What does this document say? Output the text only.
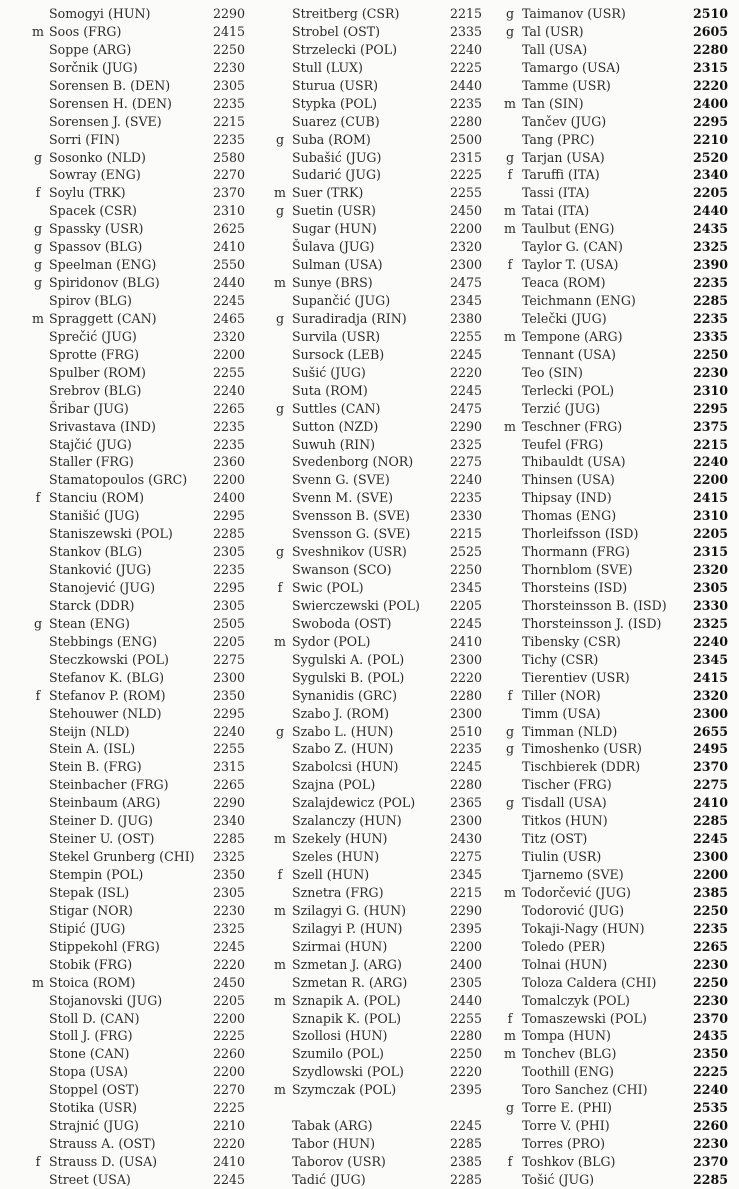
Somogyi (HUN)	2290
m Soos (FRG)	2415
Soppe (ARG)	2250
Sorčnik (JUG)	2230
Sorensen B. (DEN)	2305
Sorensen H. (DEN)	2235
Sorensen J. (SVE)	2215
Sorri (FIN)	2235
g Sosonko (NLD)	2580
Sowray (ENG)	2270
f Soylu (TRK)	2370
Spacek (CSR)	2310
g Spassky (USR)	2625
g Spassov (BLG)	2410
g Speelman (ENG)	2550
g Spiridonov (BLG)	2440
Spirov (BLG)	2245
m Spraggett (CAN)	2465
Sprečić (JUG)	2320
Sprotte (FRG)	2200
Spulber (ROM)	2255
Srebrov (BLG)	2240
Šribar (JUG)	2265
Srivastava (IND)	2235
Stajčić (JUG)	2235
Staller (FRG)	2360
Stamatopoulos (GRC) 2200
f Stanciu (ROM)	2400
Stanišić (JUG)	2295
Staniszewski (POL)	2285
Stankov (BLG)	2305
Stanković (JUG)	2235
Stanojević (JUG)	2295
Starck (DDR)	2305
g Stean (ENG)	2505
Stebbings (ENG)	2205
Steczkowski (POL)	2275
Stefanov K. (BLG)	2300
f Stefanov P. (ROM)	2350
Stehouwer (NLD)	2295
Steijn (NLD)	2240
Stein A. (ISL)	2255
Stein B. (FRG)	2315
Steinbacher (FRG)	2265
Steinbaum (ARG)	2290
Steiner D. (JUG)	2340
Steiner U. (OST)	2285
Stekel Grunberg (CHI) 2325
Stempin (POL)	2350
Stepak (ISL)	2305
Stigar (NOR)	2230
Stipić (JUG)	2325
Stippekohl (FRG)	2245
Stobik (FRG)	2220
m Stoica (ROM)	2450
Stojanovski (JUG)	2205
Stoll D. (CAN)	2200
Stoll J. (FRG)	2225
Stone (CAN)	2260
Stopa (USA)	2200
Stoppel (OST)	2270
Stotika (USR)	2225
Strajnić (JUG)	2210
Strauss A. (OST)	2220
f Strauss D. (USA)	2410
Street (USA)	2245
Streitberg (CSR)	2215
Strobel (OST)	2335
Strzelecki (POL)	2240
Stull (LUX)	2225
Sturua (USR)	2440
Stypka (POL)	2235
Suarez (CUB)	2280
g Suba (ROM)	2500
Subašić (JUG)	2315
Sudarić (JUG)	2225
m Suer (TRK)	2255
g Suetin (USR)	2450
Sugar (HUN)	2200
Šulava (JUG)	2320
Sulman (USA)	2300
m Sunye (BRS)	2475
Supančić (JUG)	2345
g Suradiradja (RIN)	2380
Survila (USR)	2255
Sursock (LEB)	2245
Sušić (JUG)	2220
Suta (ROM)	2245
g Suttles (CAN)	2475
Sutton (NZD)	2290
Suwuh (RIN)	2325
Svedenborg (NOR)	2275
Svenn G. (SVE)	2240
Svenn M. (SVE)	2235
Svensson B. (SVE)	2330
Svensson G. (SVE)	2215
g Sveshnikov (USR)	2525
Swanson (SCO)	2250
f Swic (POL)	2345
Swierczewski (POL) 2205
Swoboda (OST)	2245
m Sydor (POL)	2410
Sygulski A. (POL)	2300
Sygulski B. (POL)	2220
Synanidis (GRC)	2280
Szabo J. (ROM)	2300
g Szabo L. (HUN)	2510
Szabo Z. (HUN)	2235
Szabolcsi (HUN)	2245
Szajna (POL)	2280
Szalajdewicz (POL)	2365
Szalanczy (HUN)	2300
m Szekely (HUN)	2430
Szeles (HUN)	2275
f Szell (HUN)	2345
Sznetra (FRG)	2215
m Szilagyi G. (HUN)	2290
Szilagyi P. (HUN)	2395
Szirmai (HUN)	2200
m Szmetan J. (ARG)	2400
Szmetan R. (ARG)	2305
m Sznapik A. (POL)	2440
Sznapik K. (POL)	2255
Szollosi (HUN)	2280
Szumilo (POL)	2250
Szydlowski (POL)	2220
m Szymczak (POL)	2395
Tabak (ARG)	2245
Tabor (HUN)	2285
Taborov (USR)	2385
Tadić (JUG)	2285
g Taimanov (USR)	2510
g Tal (USR)	2605
Tall (USA)	2280
Tamargo (USA)	2315
Tamme (USR)	2220
m Tan (SIN)	2400
Tančev (JUG)	2295
Tang (PRC)	2210
g Tarjan (USA)	2520
f Taruffi (ITA)	2340
Tassi (ITA)	2205
m Tatai (ITA)	2440
m Taulbut (ENG)	2435
Taylor G. (CAN)	2325
f Taylor T. (USA)	2390
Teaca (ROM)	2235
Teichmann (ENG)	2285
Telečki (JUG)	2235
m Tempone (ARG)	2335
Tennant (USA)	2250
Teo (SIN)	2230
Terlecki (POL)	2310
Terzić (JUG)	2295
m Teschner (FRG)	2375
Teufel (FRG)	2215
Thibauldt (USA)	2240
Thinsen (USA)	2200
Thipsay (IND)	2415
Thomas (ENG)	2310
Thorleifsson (ISD)	2205
Thormann (FRG)	2315
Thornblom (SVE)	2320
Thorsteins (ISD)	2305
Thorsteinsson B. (ISD) 2330
Thorsteinsson J. (ISD)	2325
Tibensky (CSR)	2240
Tichy (CSR)	2345
Tierentiev (USR)	2415
f Tiller (NOR)	2320
Timm (USA)	2300
g Timman (NLD)	2655
g Timoshenko (USR)	2495
Tischbierek (DDR)	2370
Tischer (FRG)	2275
g Tisdall (USA)	2410
Titkos (HUN)	2285
Titz (OST)	2245
Tiulin (USR)	2300
Tjarnemo (SVE)	2200
m Todorčević (JUG)	2385
Todorović (JUG)	2250
Tokaji-Nagy (HUN)	2235
Toledo (PER)	2265
Tolnai (HUN)	2230
Toloza Caldera (CHI)	2250
Tomalczyk (POL)	2230
f Tomaszewski (POL)	2370
m Tompa (HUN)	2435
m Tonchev (BLG)	2350
Toothill (ENG)	2225
Toro Sanchez (CHI)	2240
g Torre E. (PHI)	2535
Torre V. (PHI)	2260
Torres (PRO)	2230
f Toshkov (BLG)	2370
Tošić (JUG)	2285
